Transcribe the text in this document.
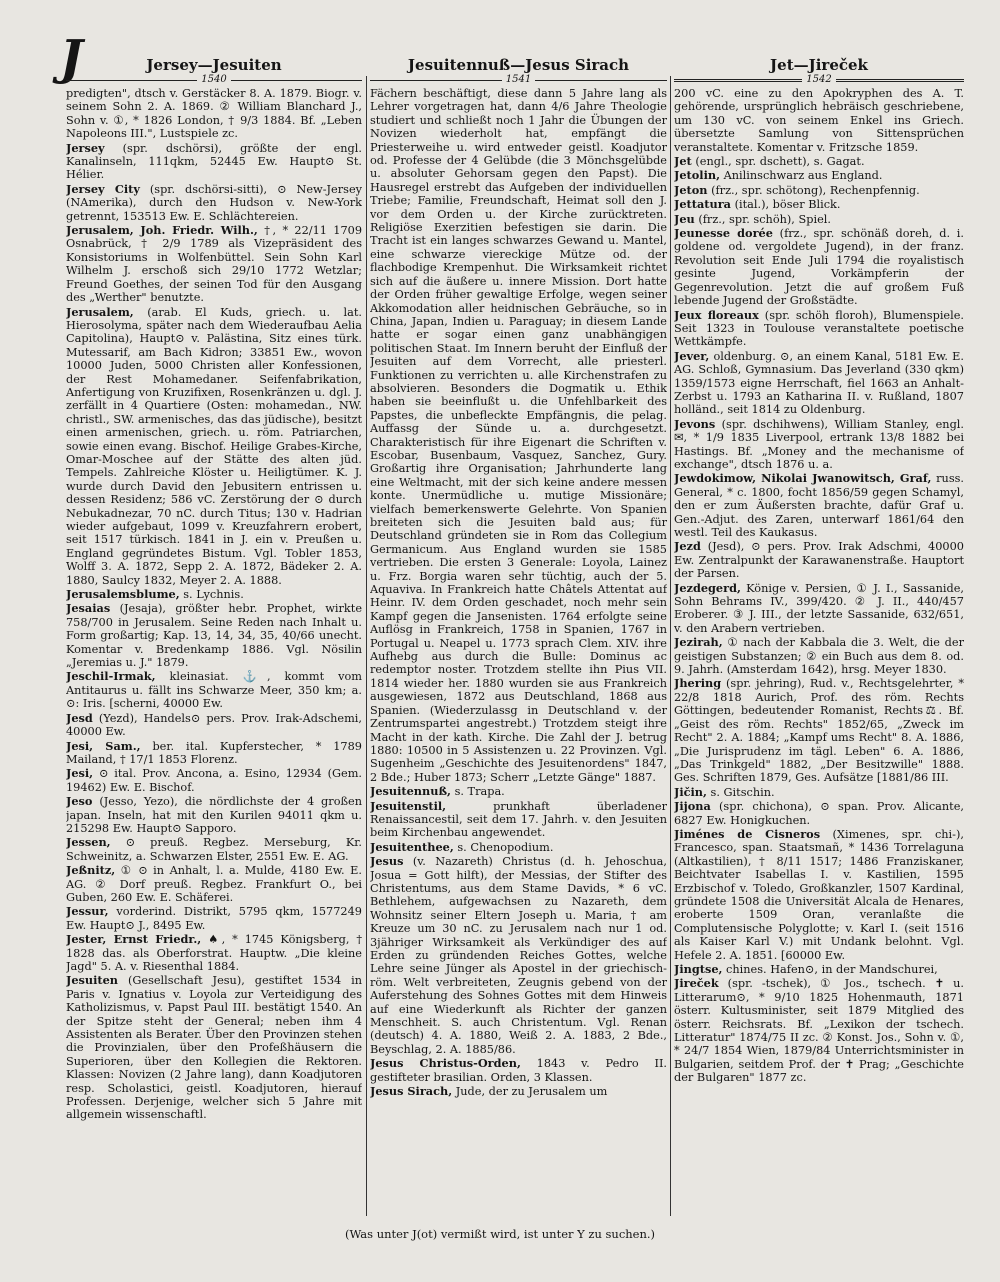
J	Jersey—Jesuiten
1540

predigten", dtsch v. Gerstäcker 8. A. 1879. Biogr. v. seinem Sohn 2. A. 1869. ② William Blanchard J., Sohn v. ①, * 1826 London, † 9/3 1884. Bf. „Leben Napoleons III.", Lustspiele zc.

Jersey (spr. dschörsi), größte der engl. Kanalinseln, 111qkm, 52445 Ew. Haupt⊙ St. Hélier.

Jersey City (spr. dschörsi-sitti), ⊙ New-Jersey (NAmerika), durch den Hudson v. New-York getrennt, 153513 Ew. E. Schlächtereien.

Jerusalem, Joh. Friedr. Wilh., †, * 22/11 1709 Osnabrück, † 2/9 1789 als Vizepräsident des Konsistoriums in Wolfenbüttel. Sein Sohn Karl Wilhelm J. erschoß sich 29/10 1772 Wetzlar; Freund Goethes, der seinen Tod für den Ausgang des „Werther" benutzte.

Jerusalem, (arab. El Kuds, griech. u. lat. Hierosolyma, später nach dem Wiederaufbau Aelia Capitolina), Haupt⊙ v. Palästina, Sitz eines türk. Mutessarif, am Bach Kidron; 33851 Ew., wovon 10000 Juden, 5000 Christen aller Konfessionen, der Rest Mohamedaner. Seifenfabrikation, Anfertigung von Kruzifixen, Rosenkränzen u. dgl. J. zerfällt in 4 Quartiere (Osten: mohamedan., NW. christl., SW. armenisches, das das jüdische), besitzt einen armenischen, griech. u. röm. Patriarchen, sowie einen evang. Bischof. Heilige Grabes-Kirche, Omar-Moschee auf der Stätte des alten jüd. Tempels. Zahlreiche Klöster u. Heiligtümer. K. J. wurde durch David den Jebusitern entrissen u. dessen Residenz; 586 vC. Zerstörung der ⊙ durch Nebukadnezar, 70 nC. durch Titus; 130 v. Hadrian wieder aufgebaut, 1099 v. Kreuzfahrern erobert, seit 1517 türkisch. 1841 in J. ein v. Preußen u. England gegründetes Bistum. Vgl. Tobler 1853, Wolff 3. A. 1872, Sepp 2. A. 1872, Bädeker 2. A. 1880, Saulcy 1832, Meyer 2. A. 1888.

Jerusalemsblume, s. Lychnis.

Jesaias (Jesaja), größter hebr. Prophet, wirkte 758/700 in Jerusalem. Seine Reden nach Inhalt u. Form großartig; Kap. 13, 14, 34, 35, 40/66 unecht. Komentar v. Bredenkamp 1886. Vgl. Nösilin „Jeremias u. J." 1879.

Jeschil-Irmak, kleinasiat. ⚓, kommt vom Antitaurus u. fällt ins Schwarze Meer, 350 km; a. ⊙: Iris. [scherni, 40000 Ew.

Jesd (Yezd), Handels⊙ pers. Prov. Irak-Adschemi, 40000 Ew.

Jesi, Sam., ber. ital. Kupferstecher, * 1789 Mailand, † 17/1 1853 Florenz.

Jesi, ⊙ ital. Prov. Ancona, a. Esino, 12934 (Gem. 19462) Ew. E. Bischof.

Jeso (Jesso, Yezo), die nördlichste der 4 großen japan. Inseln, hat mit den Kurilen 94011 qkm u. 215298 Ew. Haupt⊙ Sapporo.

Jessen, ⊙ preuß. Regbez. Merseburg, Kr. Schweinitz, a. Schwarzen Elster, 2551 Ew. E. AG.

Jeßnitz, ① ⊙ in Anhalt, l. a. Mulde, 4180 Ew. E. AG. ② Dorf preuß. Regbez. Frankfurt O., bei Guben, 260 Ew. E. Schäferei.

Jessur, vorderind. Distrikt, 5795 qkm, 1577249 Ew. Haupt⊙ J., 8495 Ew.

Jester, Ernst Friedr., ♠, * 1745 Königsberg, † 1828 das. als Oberforstrat. Hauptw. „Die kleine Jagd" 5. A. v. Riesenthal 1884.

Jesuiten (Gesellschaft Jesu), gestiftet 1534 in Paris v. Ignatius v. Loyola zur Verteidigung des Katholizismus, v. Papst Paul III. bestätigt 1540. An der Spitze steht der General; neben ihm 4 Assistenten als Berater. Über den Provinzen stehen die Provinzialen, über den Profeßhäusern die Superioren, über den Kollegien die Rektoren. Klassen: Novizen (2 Jahre lang), dann Koadjutoren resp. Scholastici, geistl. Koadjutoren, hierauf Professen. Derjenige, welcher sich 5 Jahre mit allgemein wissenschaftl.

Jesuitennuß—Jesus Sirach
1541

Fächern beschäftigt, diese dann 5 Jahre lang als Lehrer vorgetragen hat, dann 4/6 Jahre Theologie studiert und schließt noch 1 Jahr die Übungen der Novizen wiederholt hat, empfängt die Priesterweihe u. wird entweder geistl. Koadjutor od. Professe der 4 Gelübde (die 3 Mönchsgelübde u. absoluter Gehorsam gegen den Papst). Die Hausregel erstrebt das Aufgeben der individuellen Triebe; Familie, Freundschaft, Heimat soll den J. vor dem Orden u. der Kirche zurücktreten. Religiöse Exerzitien befestigen sie darin. Die Tracht ist ein langes schwarzes Gewand u. Mantel, eine schwarze viereckige Mütze od. der flachbodige Krempenhut. Die Wirksamkeit richtet sich auf die äußere u. innere Mission. Dort hatte der Orden früher gewaltige Erfolge, wegen seiner Akkomodation aller heidnischen Gebräuche, so in China, Japan, Indien u. Paraguay; in diesem Lande hatte er sogar einen ganz unabhängigen politischen Staat. Im Innern beruht der Einfluß der Jesuiten auf dem Vorrecht, alle priesterl. Funktionen zu verrichten u. alle Kirchenstrafen zu absolvieren. Besonders die Dogmatik u. Ethik haben sie beeinflußt u. die Unfehlbarkeit des Papstes, die unbefleckte Empfängnis, die pelag. Auffassg der Sünde u. a. durchgesetzt. Charakteristisch für ihre Eigenart die Schriften v. Escobar, Busenbaum, Vasquez, Sanchez, Gury. Großartig ihre Organisation; Jahrhunderte lang eine Weltmacht, mit der sich keine andere messen konte. Unermüdliche u. mutige Missionäre; vielfach bemerkenswerte Gelehrte. Von Spanien breiteten sich die Jesuiten bald aus; für Deutschland gründeten sie in Rom das Collegium Germanicum. Aus England wurden sie 1585 vertrieben. Die ersten 3 Generale: Loyola, Lainez u. Frz. Borgia waren sehr tüchtig, auch der 5. Aquaviva. In Frankreich hatte Châtels Attentat auf Heinr. IV. dem Orden geschadet, noch mehr sein Kampf gegen die Jansenisten. 1764 erfolgte seine Auflösg in Frankreich, 1758 in Spanien, 1767 in Portugal u. Neapel u. 1773 sprach Clem. XIV. ihre Aufhebg aus durch die Bulle: Dominus ac redemptor noster. Trotzdem stellte ihn Pius VII. 1814 wieder her. 1880 wurden sie aus Frankreich ausgewiesen, 1872 aus Deutschland, 1868 aus Spanien. (Wiederzulassg in Deutschland v. der Zentrumspartei angestrebt.) Trotzdem steigt ihre Macht in der kath. Kirche. Die Zahl der J. betrug 1880: 10500 in 5 Assistenzen u. 22 Provinzen. Vgl. Sugenheim „Geschichte des Jesuitenordens" 1847, 2 Bde.; Huber 1873; Scherr „Letzte Gänge" 1887.

Jesuitennuß, s. Trapa.

Jesuitenstil,	prunkhaft überladener Renaissancestil, seit dem 17. Jahrh. v. den Jesuiten beim Kirchenbau angewendet.

Jesuitenthee, s. Chenopodium.

Jesus (v. Nazareth) Christus (d. h. Jehoschua, Josua = Gott hilft), der Messias, der Stifter des Christentums, aus dem Stame Davids, * 6 vC. Bethlehem, aufgewachsen zu Nazareth, dem Wohnsitz seiner Eltern Joseph u. Maria, † am Kreuze um 30 nC. zu Jerusalem nach nur 1 od. 3jähriger Wirksamkeit als Verkündiger des auf Erden zu gründenden Reiches Gottes, welche Lehre seine Jünger als Apostel in der griechisch-röm. Welt verbreiteten, Zeugnis gebend von der Auferstehung des Sohnes Gottes mit dem Hinweis auf eine Wiederkunft als Richter der ganzen Menschheit. S. auch Christentum. Vgl. Renan (deutsch) 4. A. 1880, Weiß 2. A. 1883, 2 Bde., Beyschlag, 2. A. 1885/86.

Jesus Christus-Orden, 1843 v. Pedro II. gestifteter brasilian. Orden, 3 Klassen.

Jesus Sirach, Jude, der zu Jerusalem um

Jet—Jireček
1542

200 vC. eine zu den Apokryphen des A. T. gehörende, ursprünglich hebräisch geschriebene, um 130 vC. von seinem Enkel ins Griech. übersetzte Samlung von Sittensprüchen veranstaltete. Komentar v. Fritzsche 1859.

Jet (engl., spr. dschett), s. Gagat.

Jetolin, Anilinschwarz aus England.

Jeton (frz., spr. schötong), Rechenpfennig.

Jettatura (ital.), böser Blick.

Jeu (frz., spr. schöh), Spiel.

Jeunesse dorée (frz., spr. schönäß doreh, d. i. goldene od. vergoldete Jugend), in der franz. Revolution seit Ende Juli 1794 die royalistisch gesinte Jugend, Vorkämpferin der Gegenrevolution. Jetzt die auf großem Fuß lebende Jugend der Großstädte.

Jeux floreaux (spr. schöh floroh), Blumenspiele. Seit 1323 in Toulouse veranstaltete poetische Wettkämpfe.

Jever, oldenburg. ⊙, an einem Kanal, 5181 Ew. E. AG. Schloß, Gymnasium. Das Jeverland (330 qkm) 1359/1573 eigne Herrschaft, fiel 1663 an Anhalt-Zerbst u. 1793 an Katharina II. v. Rußland, 1807 holländ., seit 1814 zu Oldenburg.

Jevons (spr. dschihwens), William Stanley, engl. ✉, * 1/9 1835 Liverpool, ertrank 13/8 1882 bei Hastings. Bf. „Money and the mechanisme of exchange", dtsch 1876 u. a.

Jewdokimow, Nikolai Jwanowitsch, Graf, russ. General, * c. 1800, focht 1856/59 gegen Schamyl, den er zum Äußersten brachte, dafür Graf u. Gen.-Adjut. des Zaren, unterwarf 1861/64 den westl. Teil des Kaukasus.

Jezd (Jesd), ⊙ pers. Prov. Irak Adschmi, 40000 Ew. Zentralpunkt der Karawanenstraße. Hauptort der Parsen.

Jezdegerd, Könige v. Persien, ① J. I., Sassanide, Sohn Behrams IV., 399/420. ② J. II., 440/457 Eroberer. ③ J. III., der letzte Sassanide, 632/651, v. den Arabern vertrieben.

Jezirah, ① nach der Kabbala die 3. Welt, die der geistigen Substanzen; ② ein Buch aus dem 8. od. 9. Jahrh. (Amsterdam 1642), hrsg. Meyer 1830.

Jhering (spr. jehring), Rud. v., Rechtsgelehrter, * 22/8 1818 Aurich, Prof. des röm. Rechts Göttingen, bedeutender Romanist, Rechts⚖. Bf. „Geist des röm. Rechts" 1852/65, „Zweck im Recht" 2. A. 1884; „Kampf ums Recht" 8. A. 1886, „Die Jurisprudenz im tägl. Leben" 6. A. 1886, „Das Trinkgeld" 1882, „Der Besitzwille" 1888. Ges. Schriften 1879, Ges. Aufsätze [1881/86 III.

Jičin, s. Gitschin.

Jijona (spr. chichona), ⊙ span. Prov. Alicante, 6827 Ew. Honigkuchen.

Jiménes de Cisneros (Ximenes, spr. chi-), Francesco, span. Staatsmañ, * 1436 Torrelaguna (Altkastilien), † 8/11 1517; 1486 Franziskaner, Beichtvater Isabellas I. v. Kastilien, 1595 Erzbischof v. Toledo, Großkanzler, 1507 Kardinal, gründete 1508 die Universität Alcala de Henares, eroberte 1509 Oran, veranlaßte die Complutensische Polyglotte; v. Karl I. (seit 1516 als Kaiser Karl V.) mit Undank belohnt. Vgl. Hefele 2. A. 1851. [60000 Ew.

Jingtse, chines. Hafen⊙, in der Mandschurei,

Jireček (spr. -tschek), ① Jos., tschech. ✝ u. Litterarum⊙, * 9/10 1825 Hohenmauth, 1871 österr. Kultusminister, seit 1879 Mitglied des österr. Reichsrats. Bf. „Lexikon der tschech. Litteratur" 1874/75 II zc. ② Konst. Jos., Sohn v. ①, * 24/7 1854 Wien, 1879/84 Unterrichtsminister in Bulgarien, seitdem Prof. der ✝ Prag; „Geschichte der Bulgaren" 1877 zc.

(Was unter J(ot) vermißt wird, ist unter Y zu suchen.)
